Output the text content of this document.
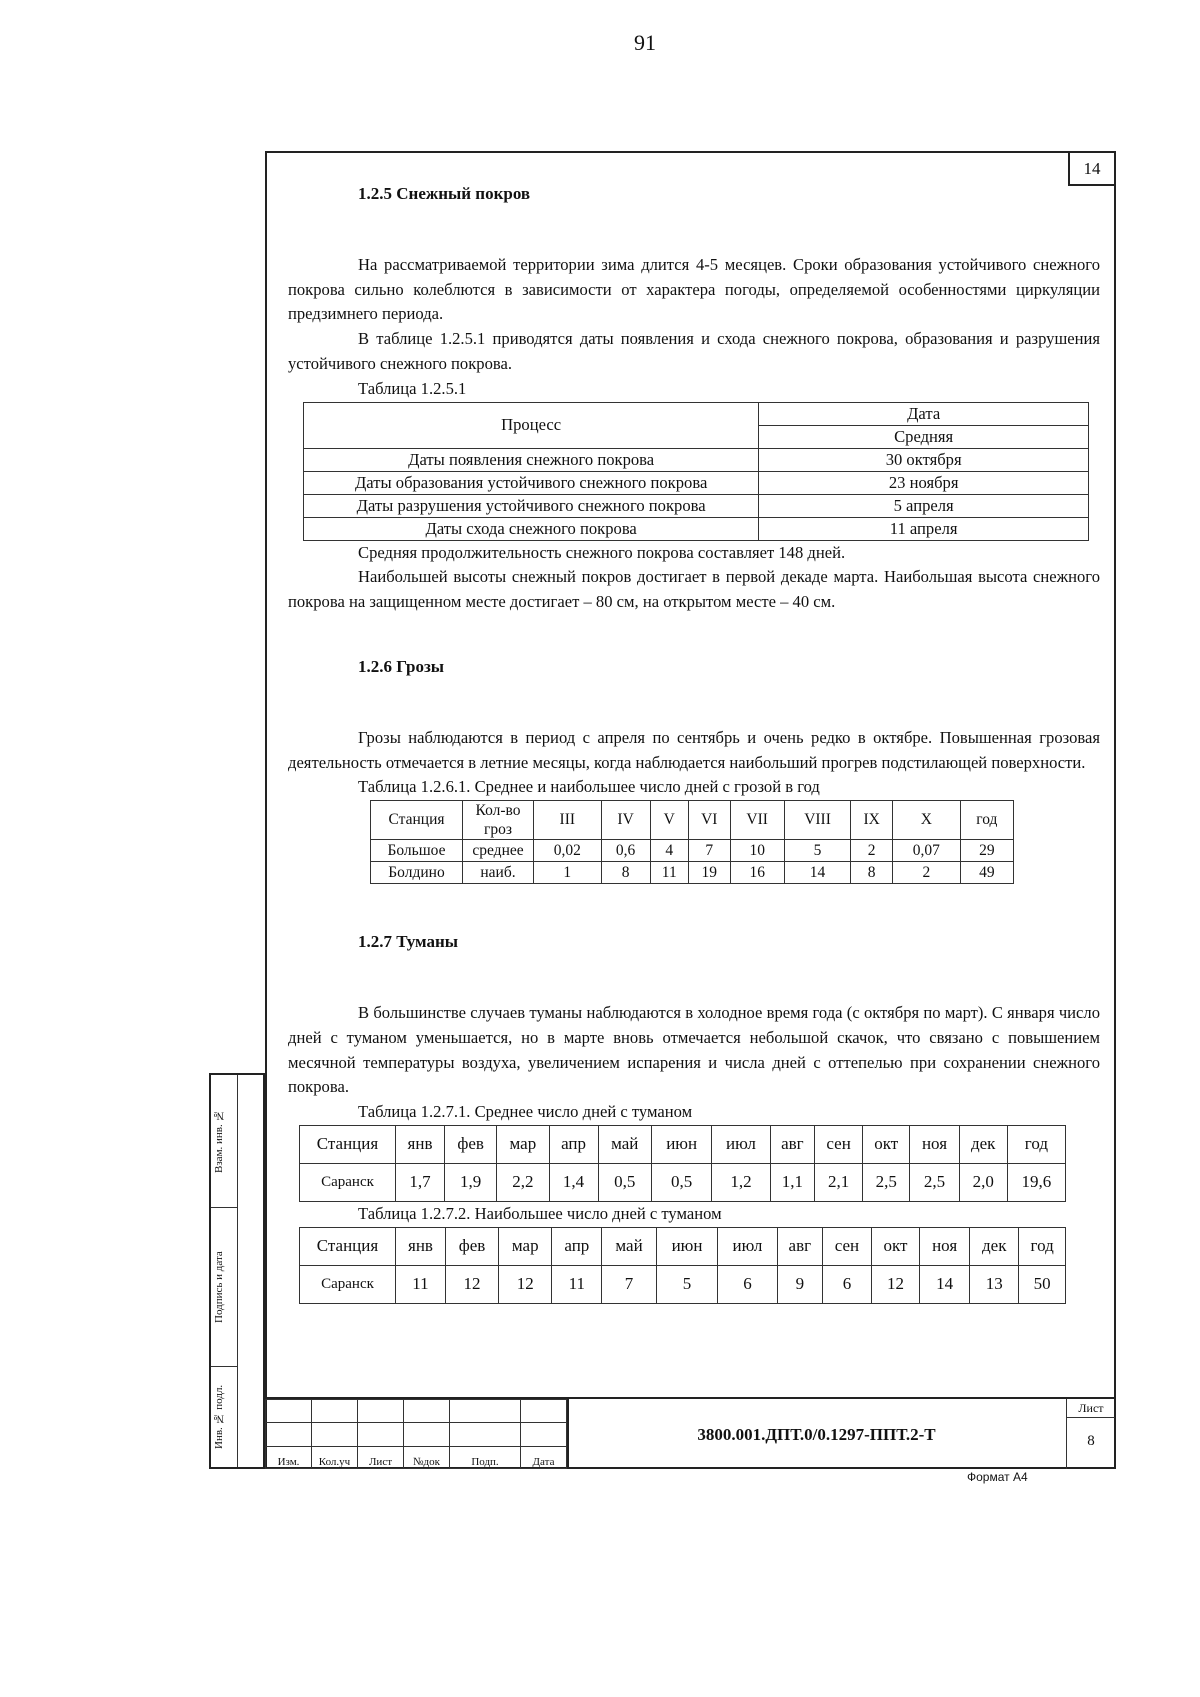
91
14
1.2.5 Снежный покров

На рассматриваемой территории зима длится 4-5 месяцев. Сроки образования устойчивого снежного покрова сильно колеблются в зависимости от характера погоды, определяемой особенностями циркуляции предзимнего периода.

В таблице 1.2.5.1 приводятся даты появления и схода снежного покрова, образования и разрушения устойчивого снежного покрова.

Таблица 1.2.5.1
Процесс	Дата
	Средняя
Даты появления снежного покрова	30 октября
Даты образования устойчивого снежного покрова	23 ноября
Даты разрушения устойчивого снежного покрова	5 апреля
Даты схода снежного покрова	11 апреля

Средняя продолжительность снежного покрова составляет 148 дней.

Наибольшей высоты снежный покров достигает в первой декаде марта. Наибольшая высота снежного покрова на защищенном месте достигает – 80 см, на открытом месте – 40 см.

1.2.6 Грозы

Грозы наблюдаются в период с апреля по сентябрь и очень редко в октябре. Повышенная грозовая деятельность отмечается в летние месяцы, когда наблюдается наибольший прогрев подстилающей поверхности.

Таблица 1.2.6.1. Среднее и наибольшее число дней с грозой в год
Станция	Кол-во гроз	III	IV	V	VI	VII	VIII	IX	X	год
Большое	среднее	0,02	0,6	4	7	10	5	2	0,07	29
Болдино	наиб.	1	8	11	19	16	14	8	2	49
1.2.7 Туманы

В большинстве случаев туманы наблюдаются в холодное время года (с октября по март). С января число дней с туманом уменьшается, но в марте вновь отмечается небольшой скачок, что связано с повышением месячной температуры воздуха, увеличением испарения и числа дней с оттепелью при сохранении снежного покрова.

Таблица 1.2.7.1. Среднее число дней с туманом
Станция	янв	фев	мар	апр	май	июн	июл	авг	сен	окт	ноя	дек	год
Саранск	1,7	1,9	2,2	1,4	0,5	0,5	1,2	1,1	2,1	2,5	2,5	2,0	19,6
Таблица 1.2.7.2. Наибольшее число дней с туманом
Станция	янв	фев	мар	апр	май	июн	июл	авг	сен	окт	ноя	дек	год
Саранск	11	12	12	11	7	5	6	9	6	12	14	13	50
Взам. инв. №
Подпись и дата
Инв. № подл.

Изм.	Кол.уч	Лист	№док	Подп.	Дата
3800.001.ДПТ.0/0.1297-ППТ.2-Т
Лист
8
Формат А4
